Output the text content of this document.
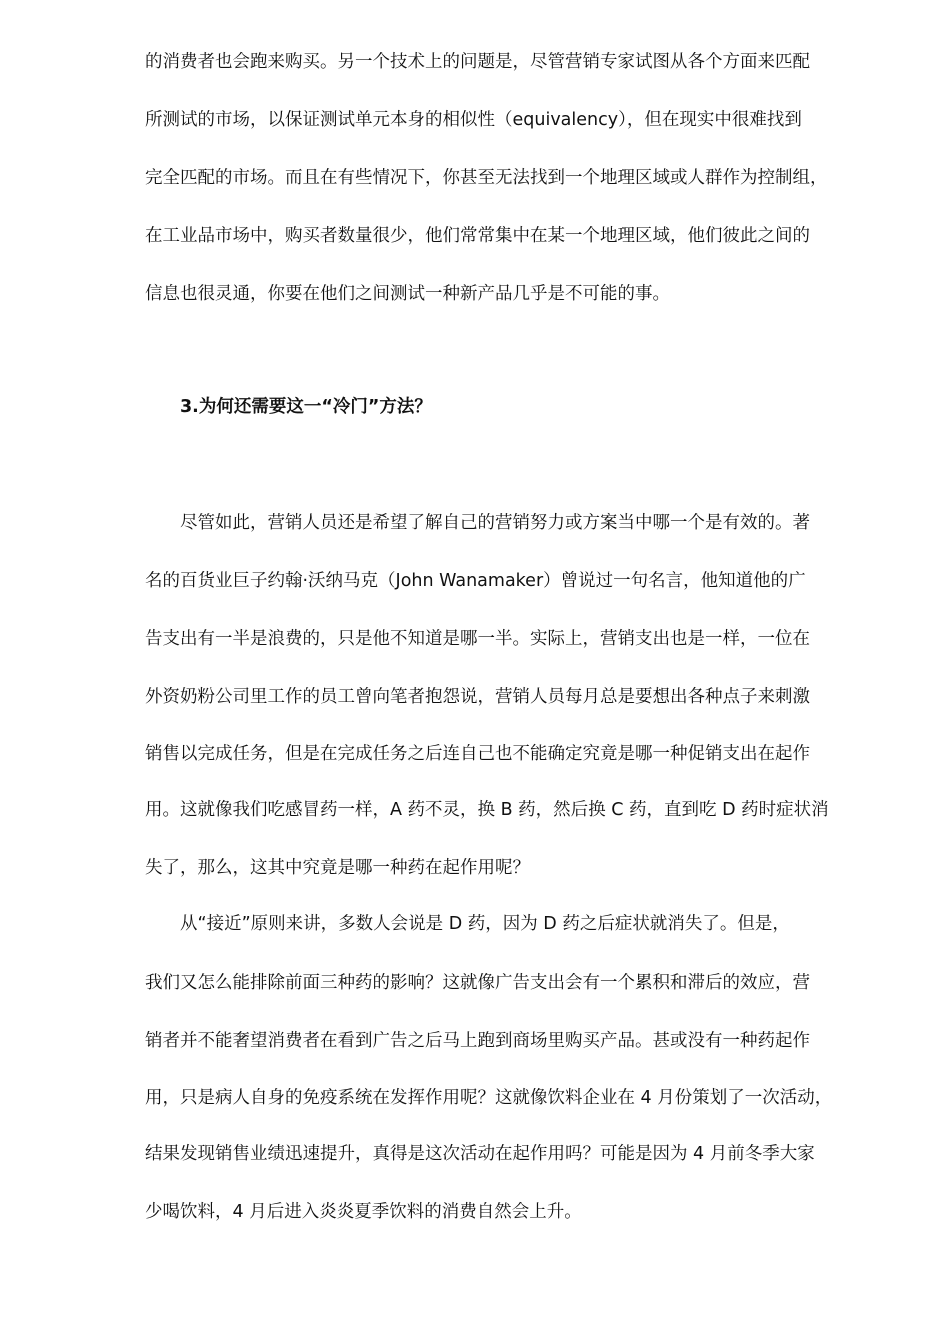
的消费者也会跑来购买。另一个技术上的问题是，尽管营销专家试图从各个方面来匹配
所测试的市场，以保证测试单元本身的相似性（equivalency），但在现实中很难找到
完全匹配的市场。而且在有些情况下，你甚至无法找到一个地理区域或人群作为控制组，
在工业品市场中，购买者数量很少，他们常常集中在某一个地理区域，他们彼此之间的
信息也很灵通，你要在他们之间测试一种新产品几乎是不可能的事。
3.为何还需要这一“冷门”方法？
尽管如此，营销人员还是希望了解自己的营销努力或方案当中哪一个是有效的。著
名的百货业巨子约翰·沃纳马克（John Wanamaker）曾说过一句名言，他知道他的广
告支出有一半是浪费的，只是他不知道是哪一半。实际上，营销支出也是一样，一位在
外资奶粉公司里工作的员工曾向笔者抱怨说，营销人员每月总是要想出各种点子来刺激
销售以完成任务，但是在完成任务之后连自己也不能确定究竟是哪一种促销支出在起作
用。这就像我们吃感冒药一样，A 药不灵，换 B 药，然后换 C 药，直到吃 D 药时症状消
失了，那么，这其中究竟是哪一种药在起作用呢？
从“接近”原则来讲，多数人会说是 D 药，因为 D 药之后症状就消失了。但是，
我们又怎么能排除前面三种药的影响？这就像广告支出会有一个累积和滞后的效应，营
销者并不能奢望消费者在看到广告之后马上跑到商场里购买产品。甚或没有一种药起作
用，只是病人自身的免疫系统在发挥作用呢？这就像饮料企业在 4 月份策划了一次活动，
结果发现销售业绩迅速提升，真得是这次活动在起作用吗？可能是因为 4 月前冬季大家
少喝饮料，4 月后进入炎炎夏季饮料的消费自然会上升。
